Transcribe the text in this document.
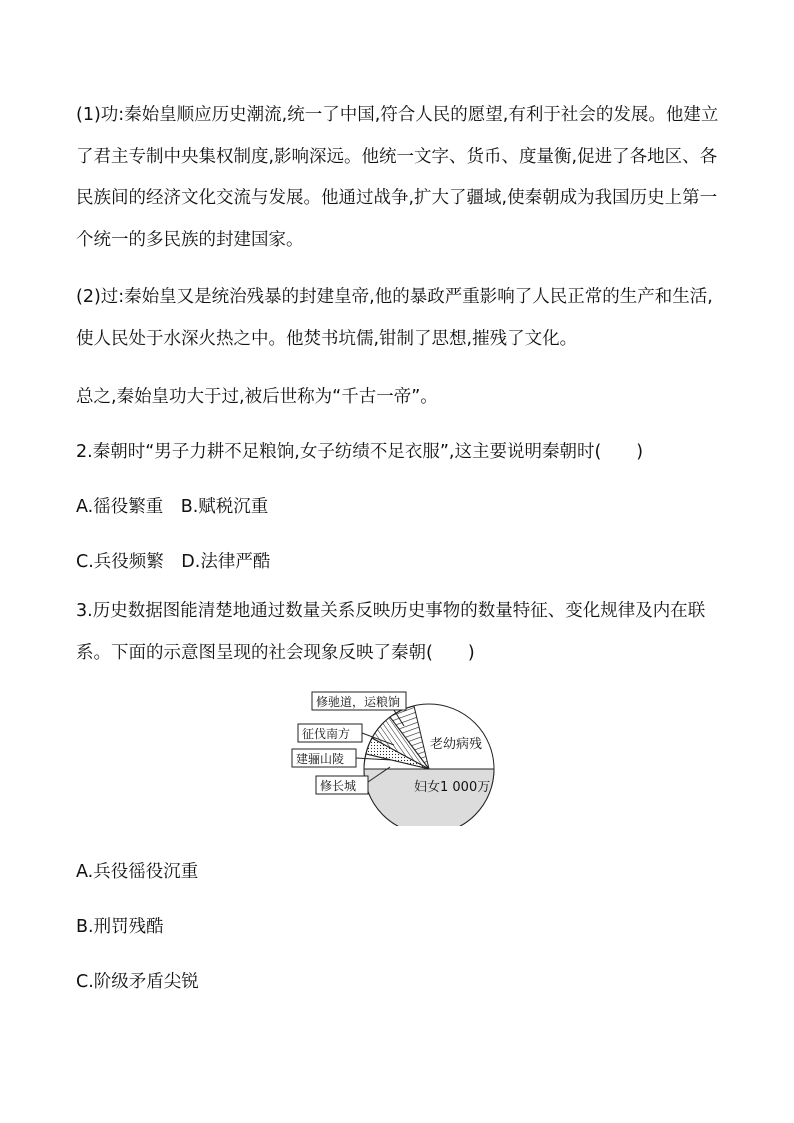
(1)功:秦始皇顺应历史潮流,统一了中国,符合人民的愿望,有利于社会的发展。他建立了君主专制中央集权制度,影响深远。他统一文字、货币、度量衡,促进了各地区、各民族间的经济文化交流与发展。他通过战争,扩大了疆域,使秦朝成为我国历史上第一个统一的多民族的封建国家。

(2)过:秦始皇又是统治残暴的封建皇帝,他的暴政严重影响了人民正常的生产和生活,使人民处于水深火热之中。他焚书坑儒,钳制了思想,摧残了文化。

总之,秦始皇功大于过,被后世称为“千古一帝”。

2.秦朝时“男子力耕不足粮饷,女子纺绩不足衣服”,这主要说明秦朝时(　　)

A.徭役繁重　B.赋税沉重

C.兵役频繁　D.法律严酷

3.历史数据图能清楚地通过数量关系反映历史事物的数量特征、变化规律及内在联系。下面的示意图呈现的社会现象反映了秦朝(　　)

修驰道，运粮饷
征伐南方
建骊山陵
修长城
老幼病残
妇女1 000万

A.兵役徭役沉重

B.刑罚残酷

C.阶级矛盾尖锐
